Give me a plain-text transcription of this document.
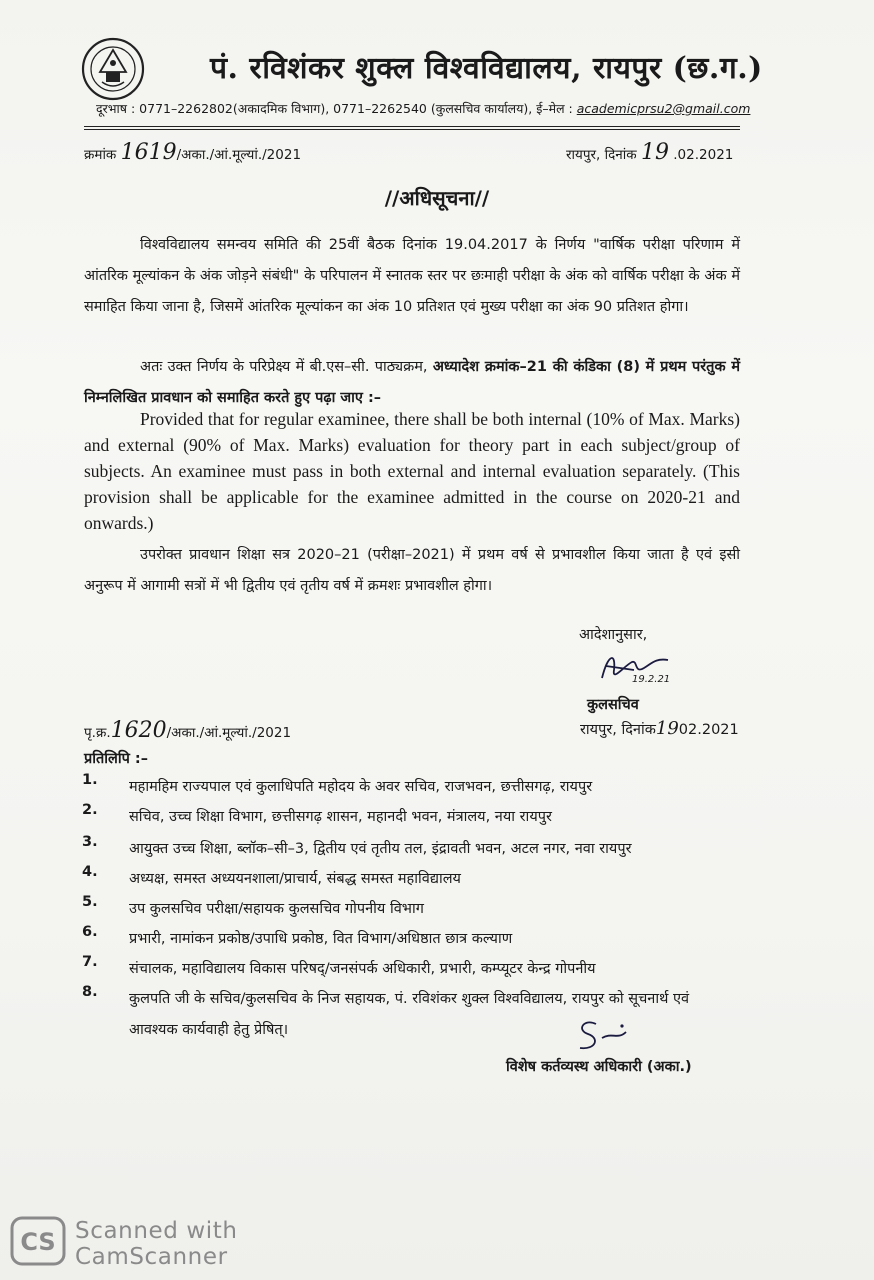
पं. रविशंकर शुक्ल विश्वविद्यालय, रायपुर (छ.ग.)
दूरभाष : 0771–2262802(अकादमिक विभाग), 0771–2262540 (कुलसचिव कार्यालय), ई–मेल : academicprsu2@gmail.com
क्रमांक 1619/अका./आं.मूल्यां./2021	रायपुर, दिनांक 19 .02.2021
//अधिसूचना//
विश्वविद्यालय समन्वय समिति की 25वीं बैठक दिनांक 19.04.2017 के निर्णय "वार्षिक परीक्षा परिणाम में आंतरिक मूल्यांकन के अंक जोड़ने संबंधी" के परिपालन में स्नातक स्तर पर छःमाही परीक्षा के अंक को वार्षिक परीक्षा के अंक में समाहित किया जाना है, जिसमें आंतरिक मूल्यांकन का अंक 10 प्रतिशत एवं मुख्य परीक्षा का अंक 90 प्रतिशत होगा।
अतः उक्त निर्णय के परिप्रेक्ष्य में बी.एस–सी. पाठ्यक्रम, अध्यादेश क्रमांक–21 की कंडिका (8) में प्रथम परंतुक में निम्नलिखित प्रावधान को समाहित करते हुए पढ़ा जाए :–
Provided that for regular examinee, there shall be both internal (10% of Max. Marks) and external (90% of Max. Marks) evaluation for theory part in each subject/group of subjects. An examinee must pass in both external and internal evaluation separately. (This provision shall be applicable for the examinee admitted in the course on 2020-21 and onwards.)
उपरोक्त प्रावधान शिक्षा सत्र 2020–21 (परीक्षा–2021) में प्रथम वर्ष से प्रभावशील किया जाता है एवं इसी अनुरूप में आगामी सत्रों में भी द्वितीय एवं तृतीय वर्ष में क्रमशः प्रभावशील होगा।
आदेशानुसार,
19.2.21
कुलसचिव
रायपुर, दिनांक1902.2021
पृ.क्र.1620/अका./आं.मूल्यां./2021
प्रतिलिपि :–
1.	महामहिम राज्यपाल एवं कुलाधिपति महोदय के अवर सचिव, राजभवन, छत्तीसगढ़, रायपुर
2.	सचिव, उच्च शिक्षा विभाग, छत्तीसगढ़ शासन, महानदी भवन, मंत्रालय, नया रायपुर
3.	आयुक्त उच्च शिक्षा, ब्लॉक–सी–3, द्वितीय एवं तृतीय तल, इंद्रावती भवन, अटल नगर, नवा रायपुर
4.	अध्यक्ष, समस्त अध्ययनशाला/प्राचार्य, संबद्ध समस्त महाविद्यालय
5.	उप कुलसचिव परीक्षा/सहायक कुलसचिव गोपनीय विभाग
6.	प्रभारी, नामांकन प्रकोष्ठ/उपाधि प्रकोष्ठ, वित विभाग/अधिष्ठात छात्र कल्याण
7.	संचालक, महाविद्यालय विकास परिषद्/जनसंपर्क अधिकारी, प्रभारी, कम्प्यूटर केन्द्र गोपनीय
8.	कुलपति जी के सचिव/कुलसचिव के निज सहायक, पं. रविशंकर शुक्ल विश्वविद्यालय, रायपुर को सूचनार्थ एवं आवश्यक कार्यवाही हेतु प्रेषित्।
विशेष कर्तव्यस्थ अधिकारी (अका.)
CS Scanned with
CamScanner
